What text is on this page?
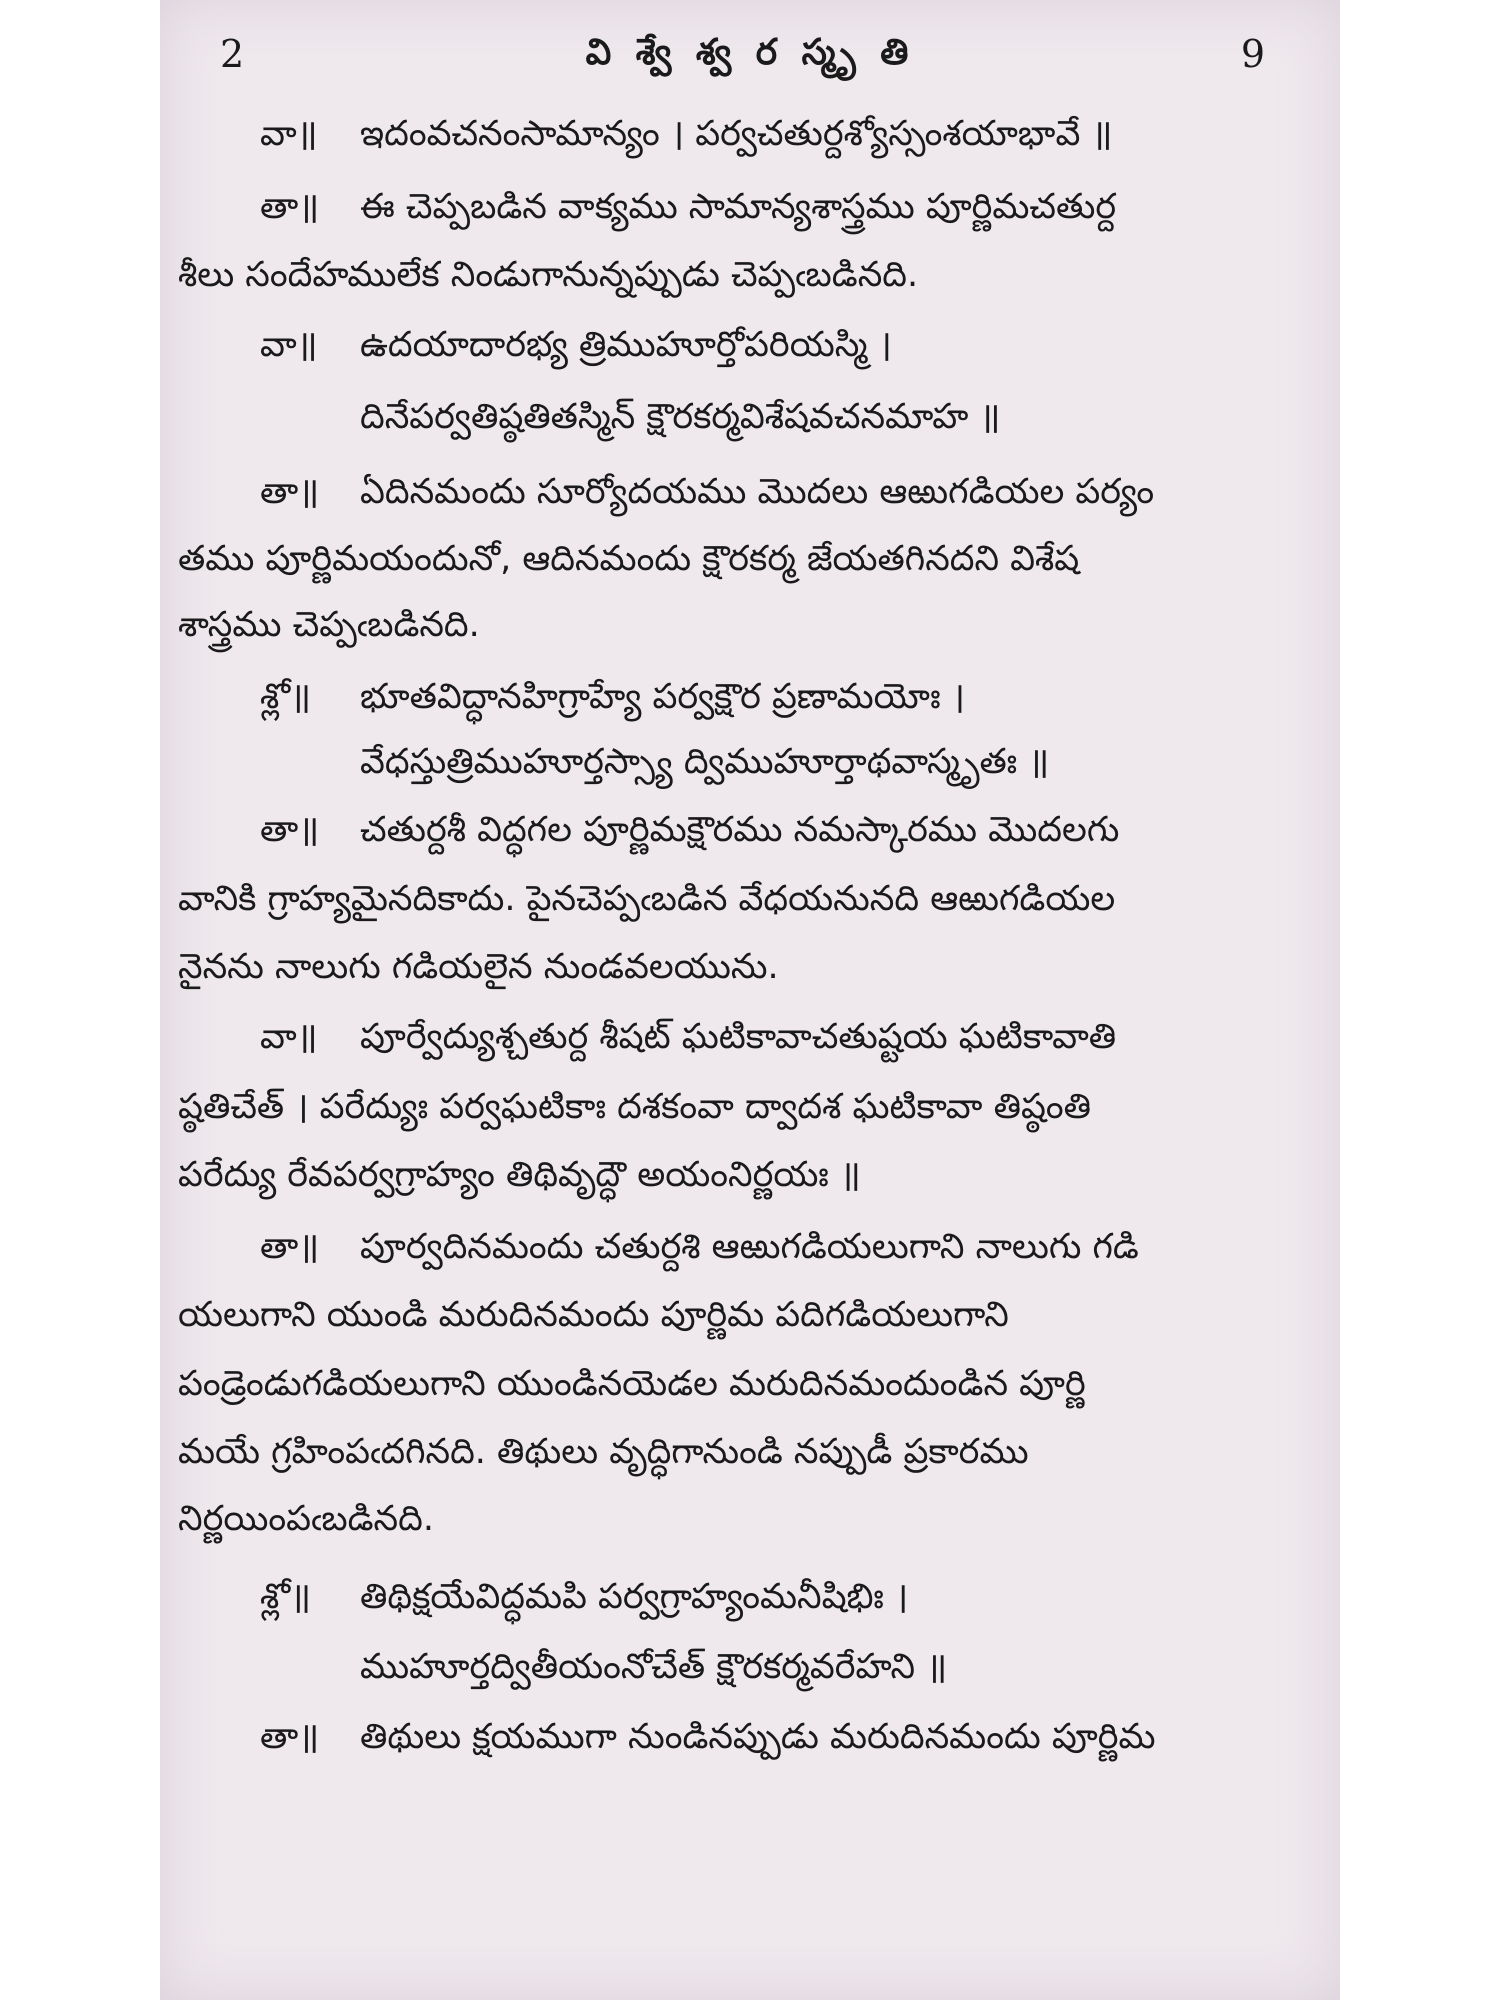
2	వి శ్వే శ్వ ర స్మృ తి	9
వా॥ ఇదంవచనంసామాన్యం । పర్వచతుర్దశ్యోస్సంశయాభావే ॥
తా॥ ఈ చెప్పబడిన వాక్యము సామాన్యశాస్త్రము పూర్ణిమచతుర్ద
శీలు సందేహములేక నిండుగానున్నప్పుడు చెప్పఁబడినది.
వా॥ ఉదయాదారభ్య త్రిముహూర్తోపరియస్మి ।
దినేపర్వతిష్ఠతితస్మిన్ క్షౌరకర్మవిశేషవచనమాహ ॥
తా॥ ఏదినమందు సూర్యోదయము మొదలు ఆఱుగడియల పర్యం
తము పూర్ణిమయందునో, ఆదినమందు క్షౌరకర్మ జేయతగినదని విశేష
శాస్త్రము చెప్పఁబడినది.
శ్లో॥ భూతవిద్ధానహిగ్రాహ్యే పర్వక్షౌర ప్రణామయోః ।
వేధస్తుత్రిముహూర్తస్స్యా ద్విముహూర్తాథవాస్మృతః ॥
తా॥ చతుర్దశీ విద్ధగల పూర్ణిమక్షౌరము నమస్కారము మొదలగు
వానికి గ్రాహ్యమైనదికాదు. పైనచెప్పఁబడిన వేధయనునది ఆఱుగడియల
నైనను నాలుగు గడియలైన నుండవలయును.
వా॥ పూర్వేద్యుశ్చతుర్ద శీషట్ ఘటికావాచతుష్టయ ఘటికావాతి
ష్ఠతిచేత్ । పరేద్యుః పర్వఘటికాః దశకంవా ద్వాదశ ఘటికావా తిష్ఠంతి
పరేద్యు రేవపర్వగ్రాహ్యం తిథివృద్ధౌ అయంనిర్ణయః ॥
తా॥ పూర్వదినమందు చతుర్దశి ఆఱుగడియలుగాని నాలుగు గడి
యలుగాని యుండి మరుదినమందు పూర్ణిమ పదిగడియలుగాని
పండ్రెండుగడియలుగాని యుండినయెడల మరుదినమందుండిన పూర్ణి
మయే గ్రహింపఁదగినది. తిథులు వృద్ధిగానుండి నప్పుడీ ప్రకారము
నిర్ణయింపఁబడినది.
శ్లో॥ తిథిక్షయేవిద్ధమపి పర్వగ్రాహ్యంమనీషిభిః ।
ముహూర్తద్వితీయంనోచేత్ క్షౌరకర్మవరేహని ॥
తా॥ తిథులు క్షయముగా నుండినప్పుడు మరుదినమందు పూర్ణిమ
